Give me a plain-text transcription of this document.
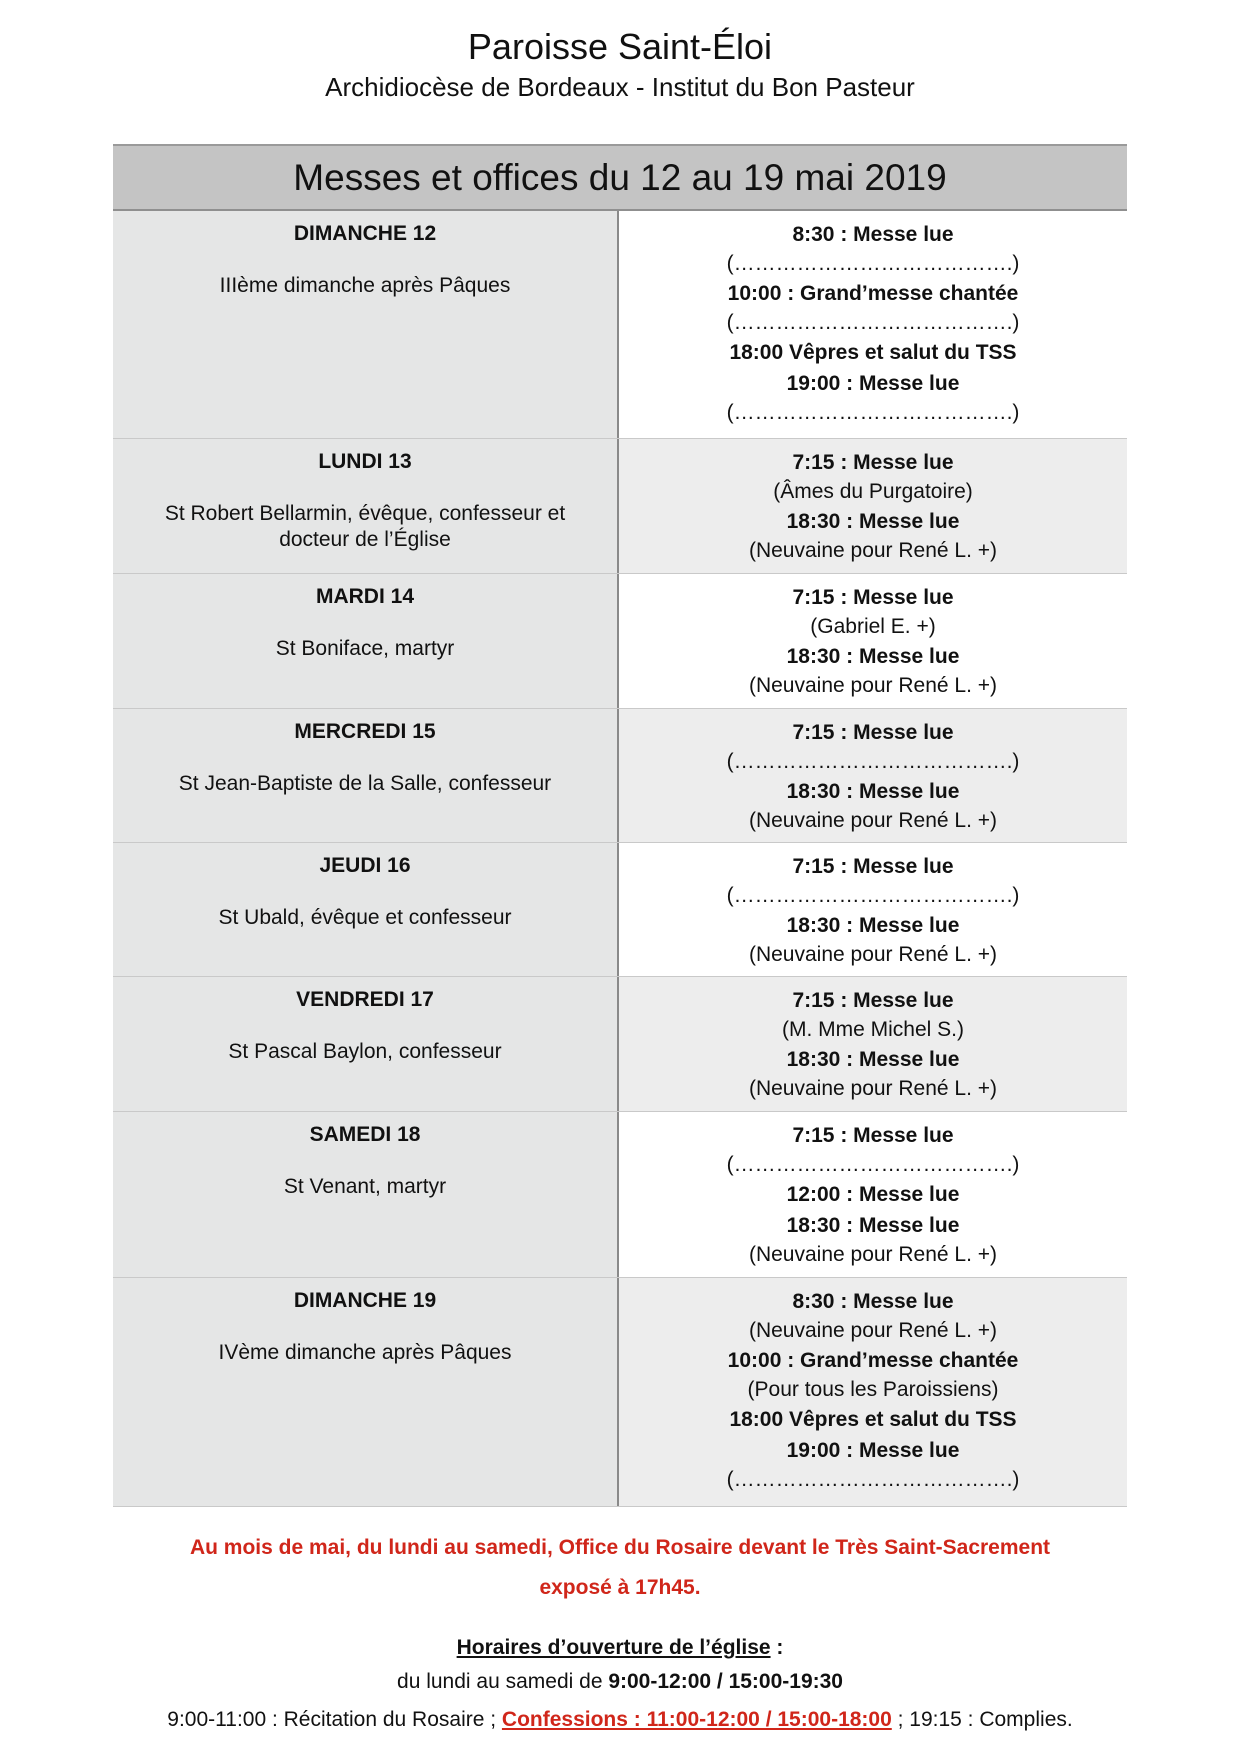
Paroisse Saint-Éloi
Archidiocèse de Bordeaux - Institut du Bon Pasteur
Messes et offices du 12 au 19 mai 2019
DIMANCHE 12
IIIème dimanche après Pâques
8:30 : Messe lue
(………………………………….)
10:00 : Grand’messe chantée
(………………………………….)
18:00 Vêpres et salut du TSS
19:00 : Messe lue
(………………………………….)
LUNDI 13
St Robert Bellarmin, évêque, confesseur et docteur de l’Église
7:15 : Messe lue
(Âmes du Purgatoire)
18:30 : Messe lue
(Neuvaine pour René L. +)
MARDI 14
St Boniface, martyr
7:15 : Messe lue
(Gabriel E. +)
18:30 : Messe lue
(Neuvaine pour René L. +)
MERCREDI 15
St Jean-Baptiste de la Salle, confesseur
7:15 : Messe lue
(………………………………….)
18:30 : Messe lue
(Neuvaine pour René L. +)
JEUDI 16
St Ubald, évêque et confesseur
7:15 : Messe lue
(………………………………….)
18:30 : Messe lue
(Neuvaine pour René L. +)
VENDREDI 17
St Pascal Baylon, confesseur
7:15 : Messe lue
(M. Mme Michel S.)
18:30 : Messe lue
(Neuvaine pour René L. +)
SAMEDI 18
St Venant, martyr
7:15 : Messe lue
(………………………………….)
12:00 : Messe lue
18:30 : Messe lue
(Neuvaine pour René L. +)
DIMANCHE 19
IVème dimanche après Pâques
8:30 : Messe lue
(Neuvaine pour René L. +)
10:00 : Grand’messe chantée
(Pour tous les Paroissiens)
18:00 Vêpres et salut du TSS
19:00 : Messe lue
(………………………………….)
Au mois de mai, du lundi au samedi, Office du Rosaire devant le Très Saint-Sacrement
exposé à 17h45.
Horaires d’ouverture de l’église :
du lundi au samedi de 9:00-12:00 / 15:00-19:30
9:00-11:00 : Récitation du Rosaire ; Confessions : 11:00-12:00 / 15:00-18:00 ; 19:15 : Complies.
